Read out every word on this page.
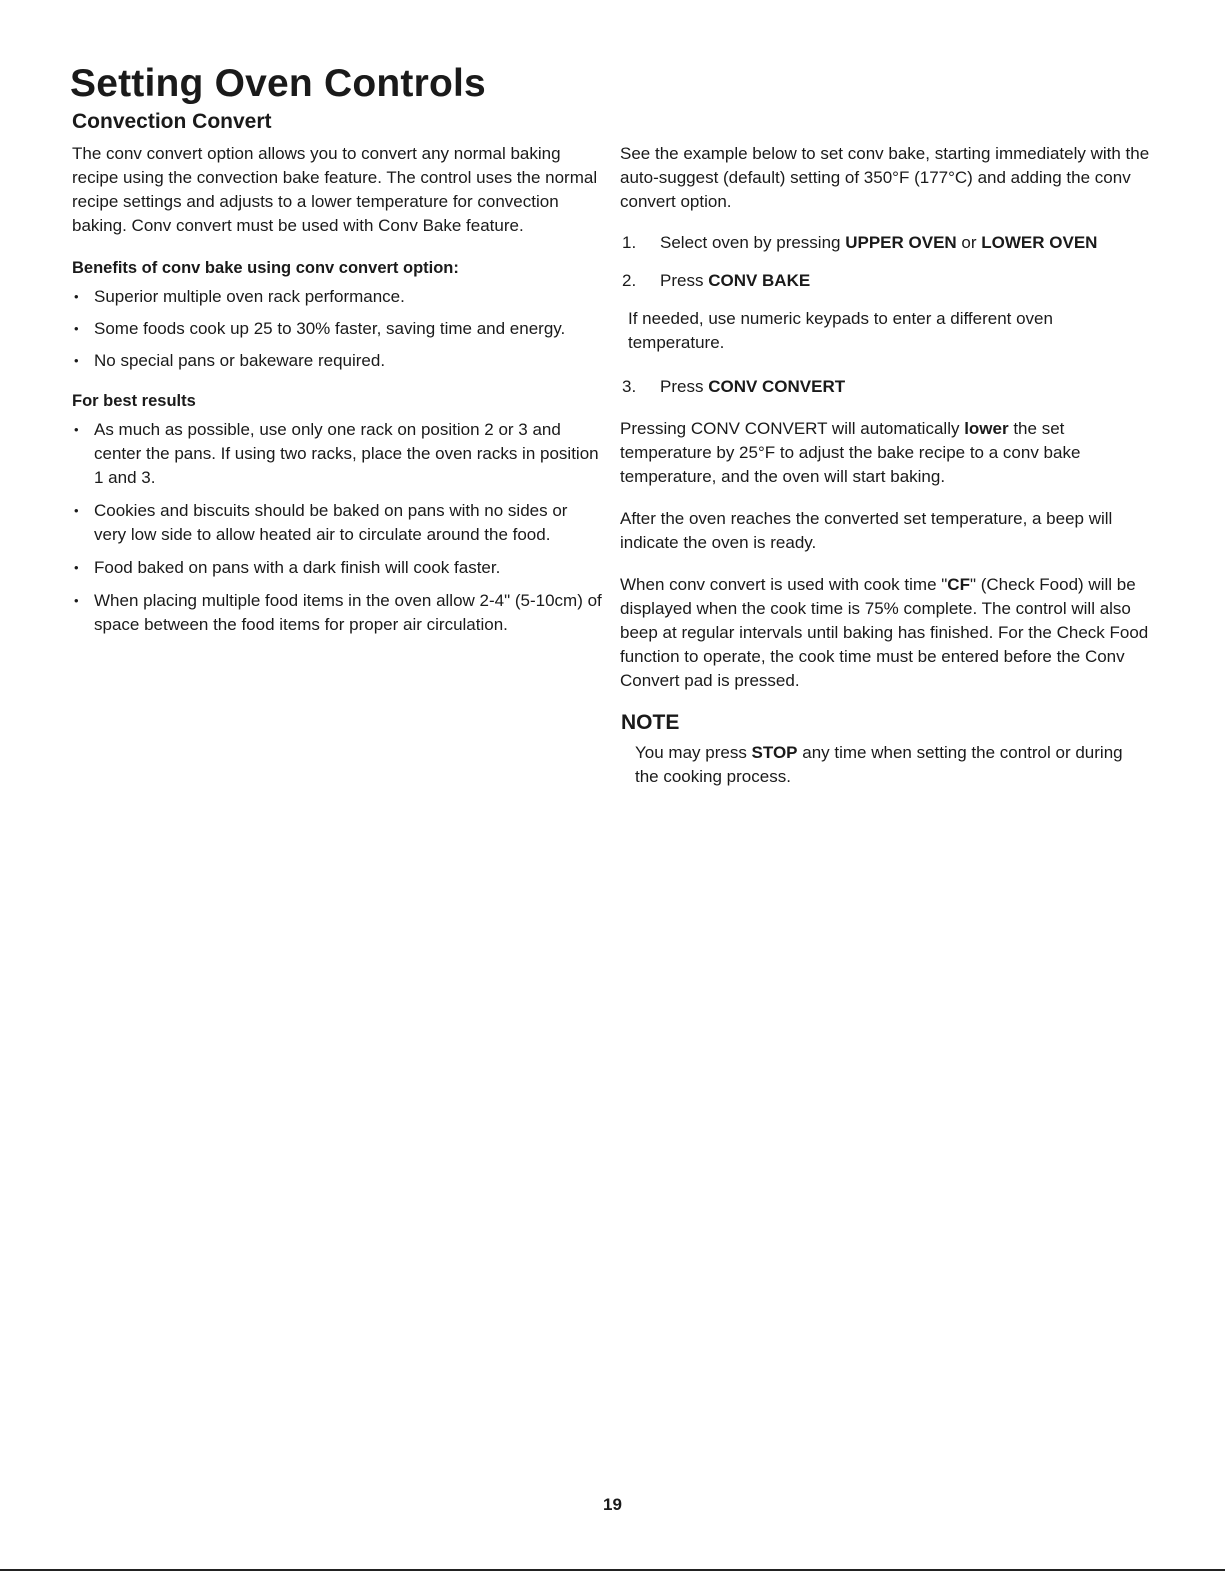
Setting Oven Controls
Convection Convert

The conv convert option allows you to convert any normal baking recipe using the convection bake feature. The control uses the normal recipe settings and adjusts to a lower temperature for convection baking. Conv convert must be used with Conv Bake feature.

Benefits of conv bake using conv convert option:
• Superior multiple oven rack performance.
• Some foods cook up 25 to 30% faster, saving time and energy.
• No special pans or bakeware required.
For best results
• As much as possible, use only one rack on position 2 or 3 and center the pans. If using two racks, place the oven racks in position 1 and 3.
• Cookies and biscuits should be baked on pans with no sides or very low side to allow heated air to circulate around the food.
• Food baked on pans with a dark finish will cook faster.
• When placing multiple food items in the oven allow 2-4" (5-10cm) of space between the food items for proper air circulation.

See the example below to set conv bake, starting immediately with the auto-suggest (default) setting of 350°F (177°C) and adding the conv convert option.

1.	Select oven by pressing UPPER OVEN or LOWER OVEN
2.	Press CONV BAKE

If needed, use numeric keypads to enter a different oven temperature.

3.	Press CONV CONVERT

Pressing CONV CONVERT will automatically lower the set temperature by 25°F to adjust the bake recipe to a conv bake temperature, and the oven will start baking.

After the oven reaches the converted set temperature, a beep will indicate the oven is ready.

When conv convert is used with cook time "CF" (Check Food) will be displayed when the cook time is 75% complete. The control will also beep at regular intervals until baking has finished. For the Check Food function to operate, the cook time must be entered before the Conv Convert pad is pressed.

NOTE

You may press STOP any time when setting the control or during the cooking process.

19
